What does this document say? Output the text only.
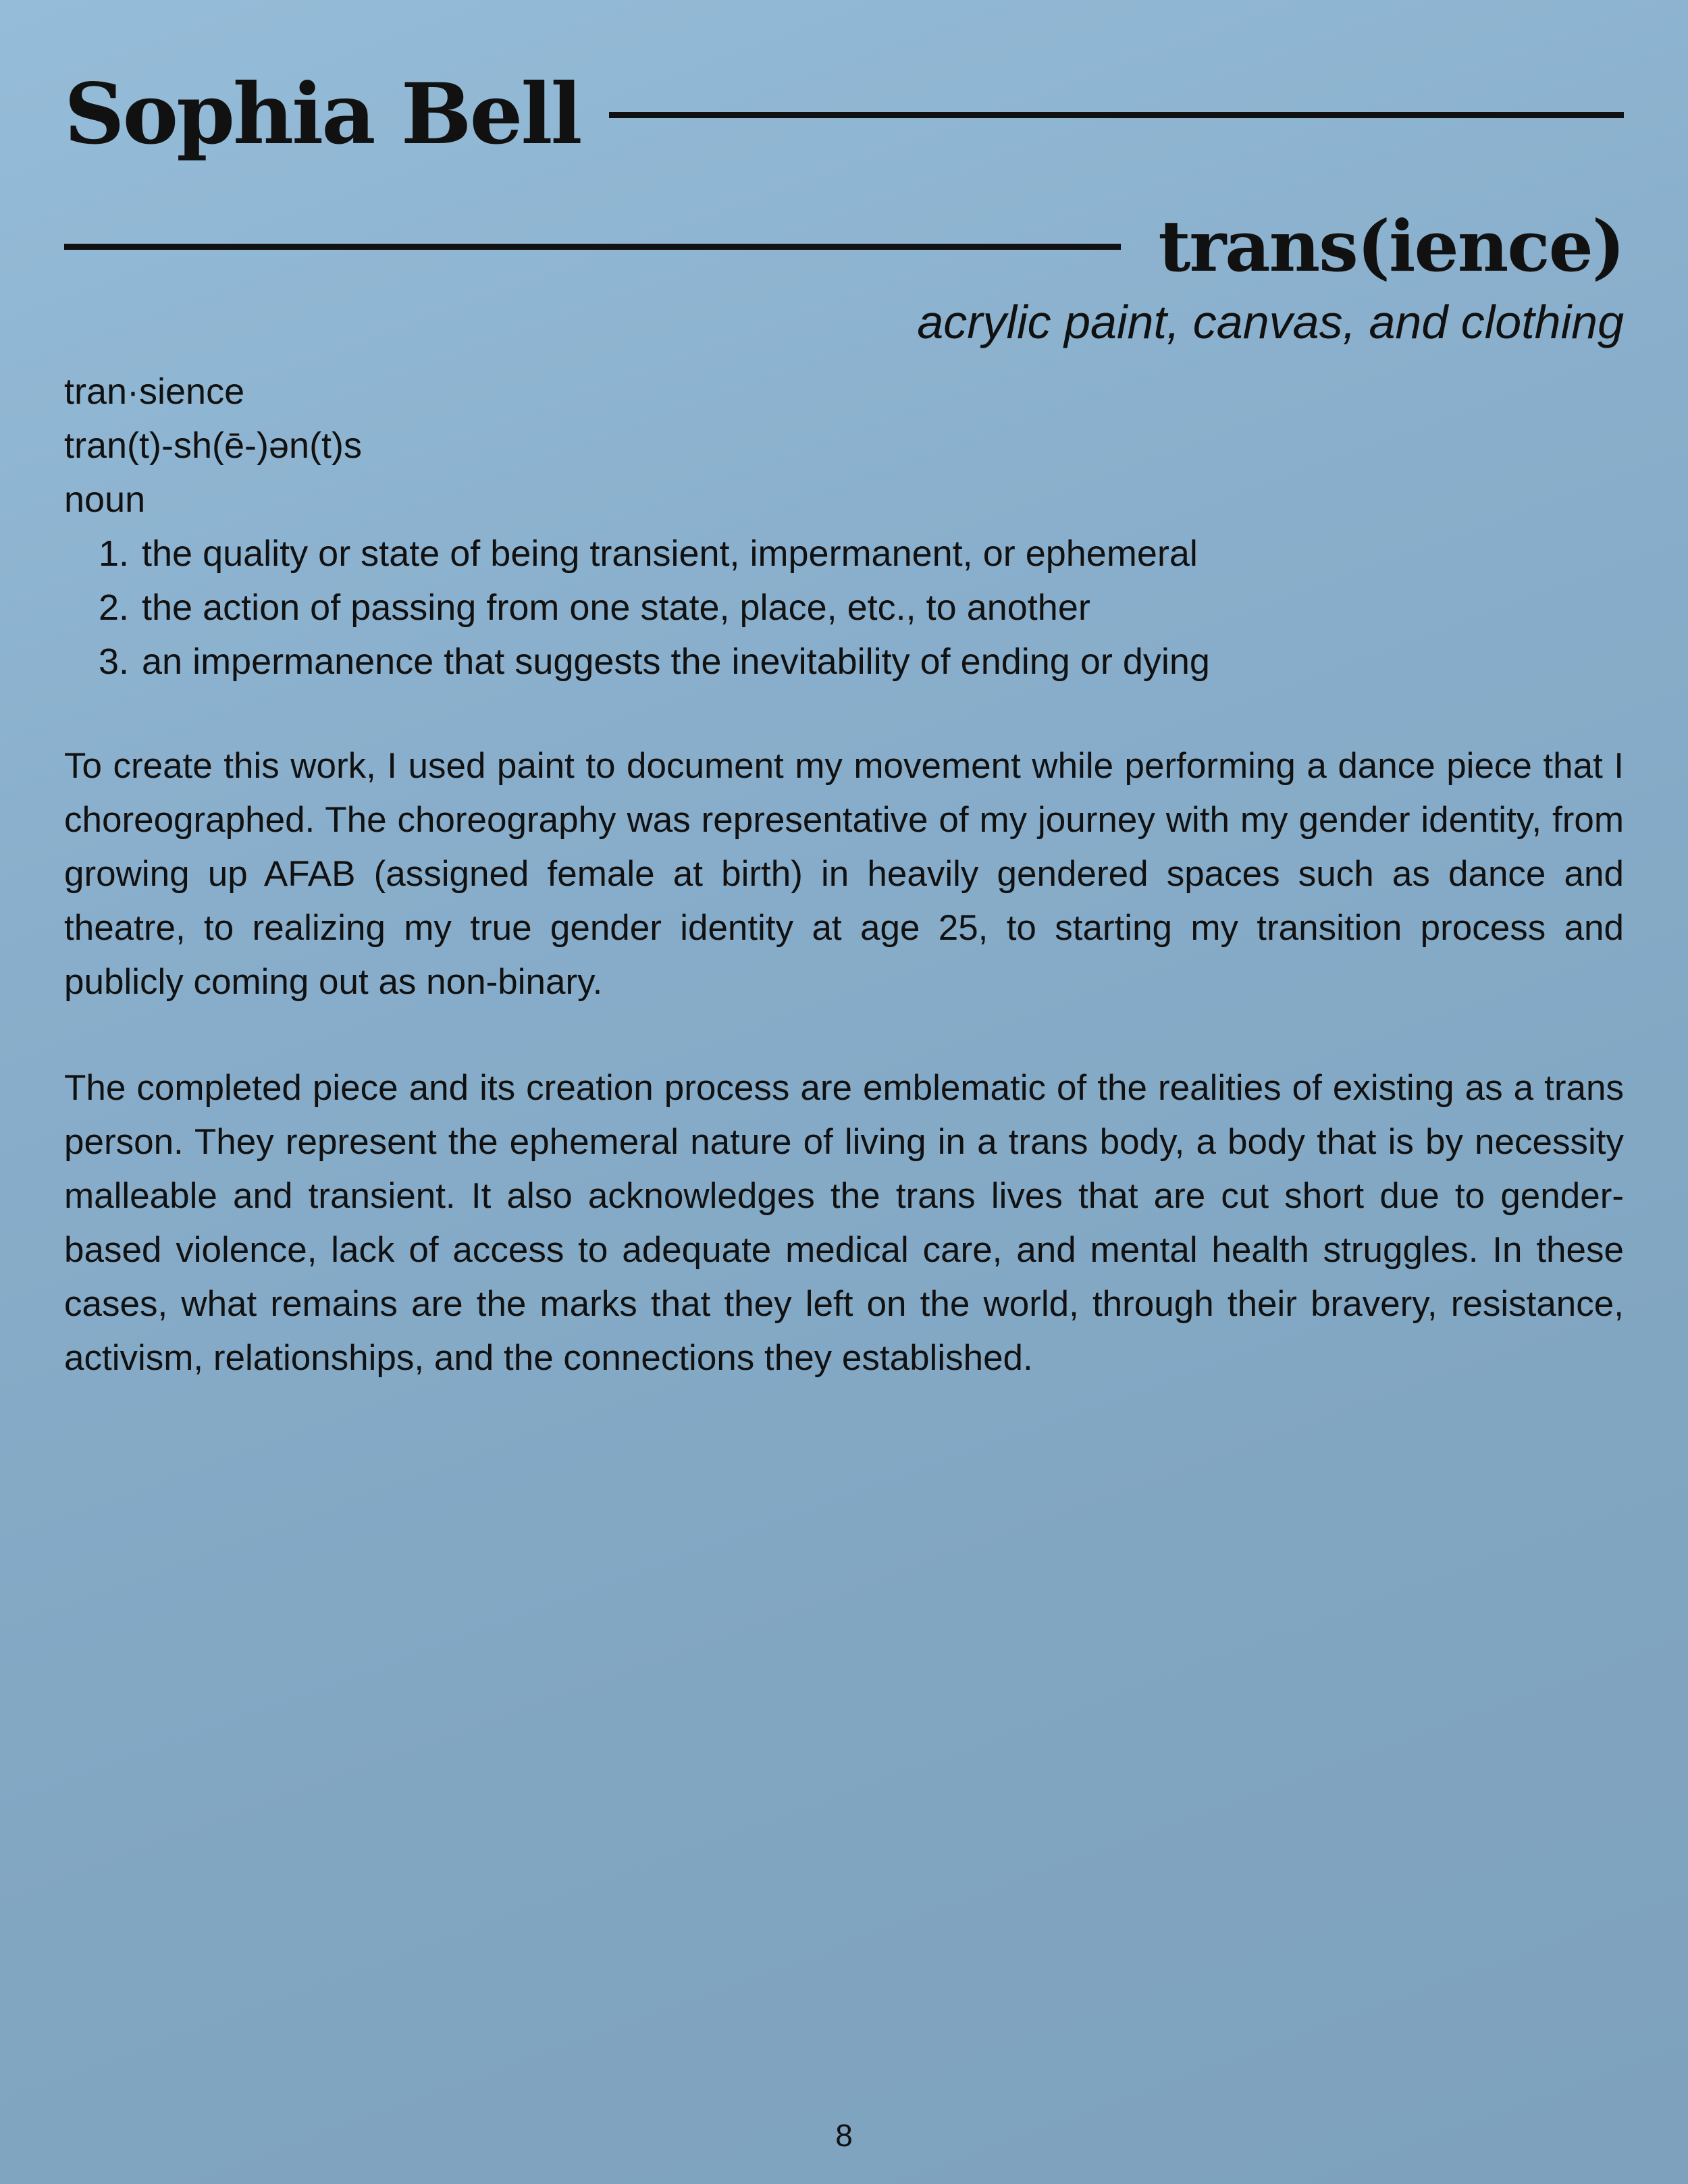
Sophia Bell
trans(ience)
acrylic paint, canvas, and clothing
tran·sience
tran(t)-sh(ē-)ən(t)s
noun
1. the quality or state of being transient, impermanent, or ephemeral
2. the action of passing from one state, place, etc., to another
3. an impermanence that suggests the inevitability of ending or dying

To create this work, I used paint to document my movement while performing a dance piece that I choreographed. The choreography was representative of my journey with my gender identity, from growing up AFAB (assigned female at birth) in heavily gendered spaces such as dance and theatre, to realizing my true gender identity at age 25, to starting my transition process and publicly coming out as non-binary.

The completed piece and its creation process are emblematic of the realities of existing as a trans person. They represent the ephemeral nature of living in a trans body, a body that is by necessity malleable and transient. It also acknowledges the trans lives that are cut short due to gender-based violence, lack of access to adequate medical care, and mental health struggles. In these cases, what remains are the marks that they left on the world, through their bravery, resistance, activism, relationships, and the connections they established.

8
